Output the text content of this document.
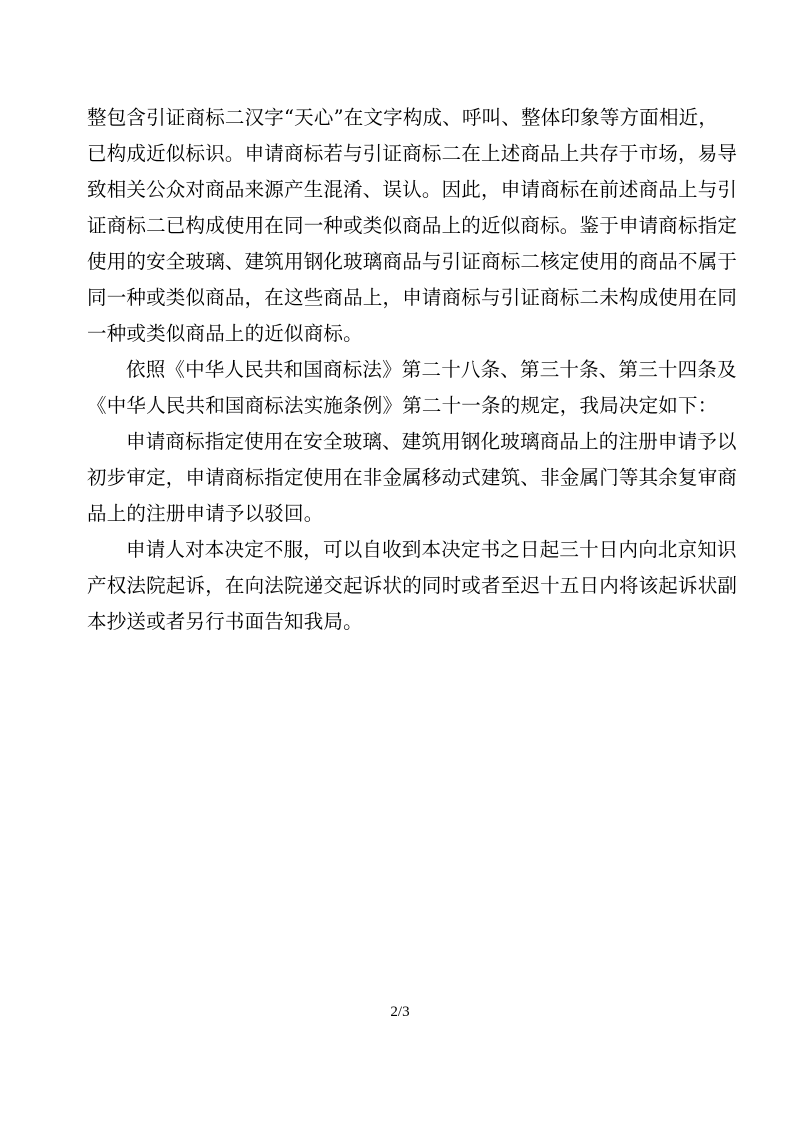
整包含引证商标二汉字“天心”在文字构成、呼叫、整体印象等方面相近，
已构成近似标识。申请商标若与引证商标二在上述商品上共存于市场，易导
致相关公众对商品来源产生混淆、误认。因此，申请商标在前述商品上与引
证商标二已构成使用在同一种或类似商品上的近似商标。鉴于申请商标指定
使用的安全玻璃、建筑用钢化玻璃商品与引证商标二核定使用的商品不属于
同一种或类似商品，在这些商品上，申请商标与引证商标二未构成使用在同
一种或类似商品上的近似商标。
依照《中华人民共和国商标法》第二十八条、第三十条、第三十四条及
《中华人民共和国商标法实施条例》第二十一条的规定，我局决定如下：
申请商标指定使用在安全玻璃、建筑用钢化玻璃商品上的注册申请予以
初步审定，申请商标指定使用在非金属移动式建筑、非金属门等其余复审商
品上的注册申请予以驳回。
申请人对本决定不服，可以自收到本决定书之日起三十日内向北京知识
产权法院起诉，在向法院递交起诉状的同时或者至迟十五日内将该起诉状副
本抄送或者另行书面告知我局。
2/3
